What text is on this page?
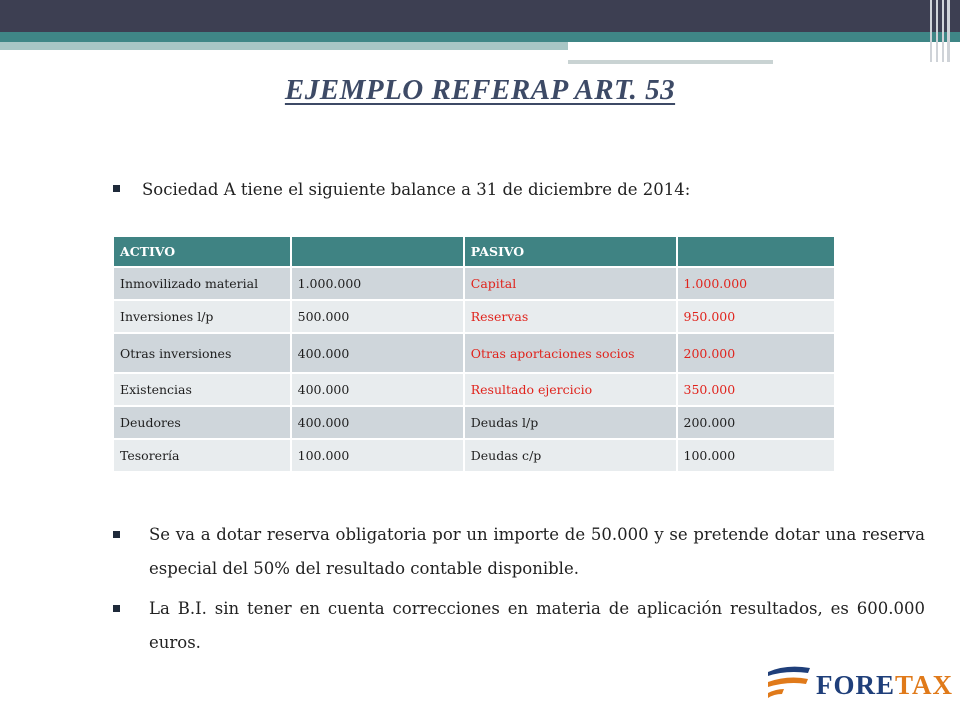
EJEMPLO REFERAP ART. 53
Sociedad A tiene el siguiente balance a 31 de diciembre de 2014:
ACTIVO		PASIVO	
Inmovilizado material	1.000.000	Capital	1.000.000
Inversiones l/p	500.000	Reservas	950.000
Otras inversiones	400.000	Otras aportaciones socios	200.000
Existencias	400.000	Resultado ejercicio	350.000
Deudores	400.000	Deudas l/p	200.000
Tesorería	100.000	Deudas c/p	100.000
Se va a dotar reserva obligatoria por un importe de 50.000 y se pretende dotar una reserva especial del 50% del resultado contable disponible.
La B.I. sin tener en cuenta correcciones en materia de aplicación resultados, es 600.000 euros.
FORETAX
